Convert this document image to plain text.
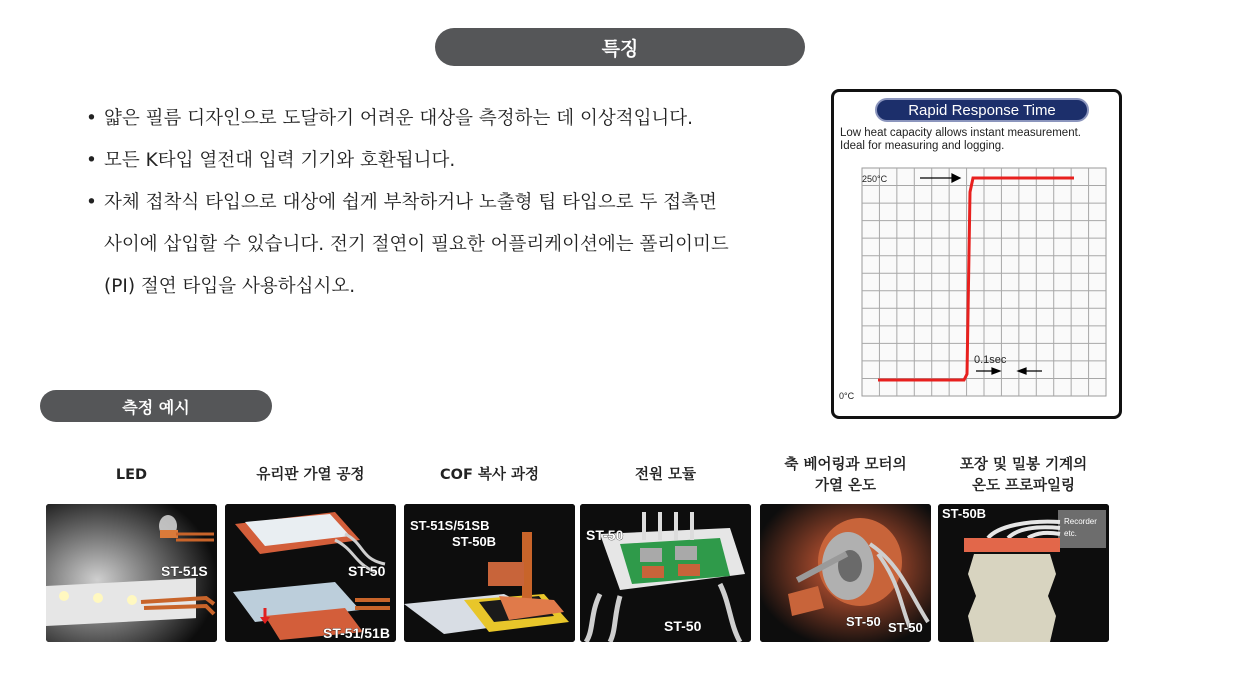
특징
• 얇은 필름 디자인으로 도달하기 어려운 대상을 측정하는 데 이상적입니다.
• 모든 K타입 열전대 입력 기기와 호환됩니다.
• 자체 접착식 타입으로 대상에 쉽게 부착하거나 노출형 팁 타입으로 두 접촉면
사이에 삽입할 수 있습니다. 전기 절연이 필요한 어플리케이션에는 폴리이미드
(PI) 절연 타입을 사용하십시오.
250°C
0°C
0.1sec
Rapid Response Time
Low heat capacity allows instant measurement.
Ideal for measuring and logging.
측정 예시
LED	유리판 가열 공정	COF 복사 과정	전원 모듈
축 베어링과 모터의
가열 온도
포장 및 밀봉 기계의
온도 프로파일링
ST-51S	ST-50
ST-51/51B
ST-51S/51SB
ST-50B	ST-50
ST-50	ST-50 ST-50
Recorder
etc.
ST-50B
